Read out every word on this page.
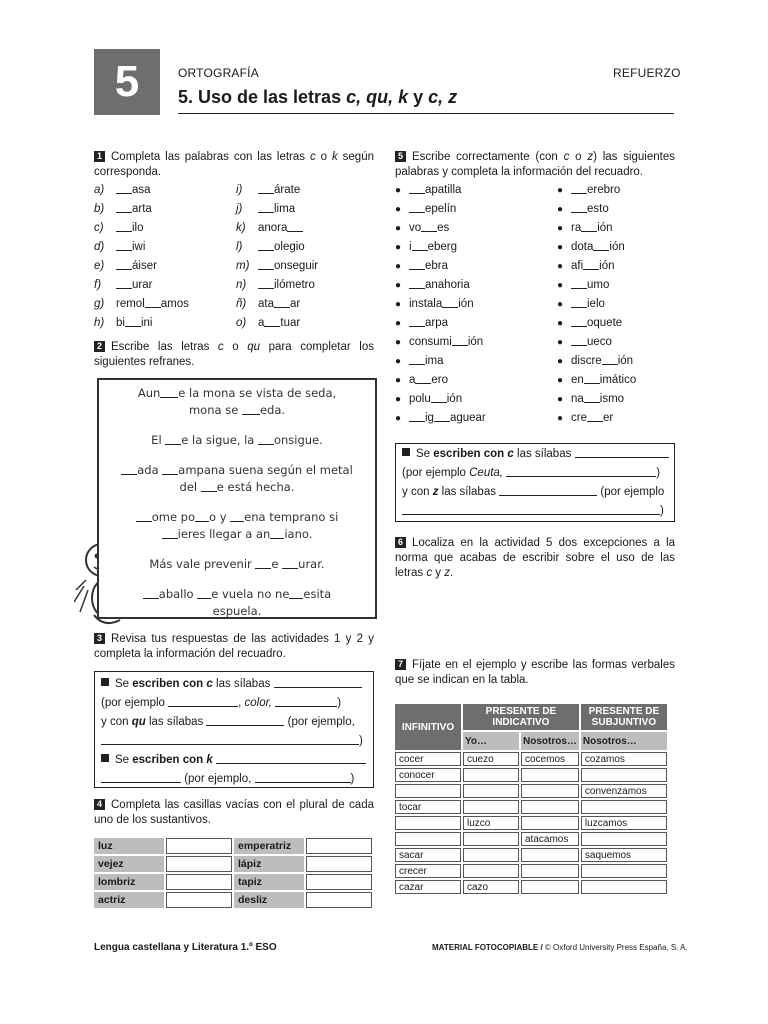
5	ORTOGRAFÍA	REFUERZO
5. Uso de las letras c, qu, k y c, z
1 Completa las palabras con las letras c o k según corresponda.
a) asa
b) arta
c) ilo
d) iwi
e) áiser
f)	urar
g) remol amos
h) bi ini
i)	árate
j)	lima
k) anora
l)	olegio
m) onseguir
n) ilómetro
ñ) ata ar
o) a tuar
2 Escribe las letras c o qu para completar los siguientes refranes.

Aun e la mona se vista de seda,

mona se eda.

El e la sigue, la onsigue.

ada ampana suena según el metal

del e está hecha.

ome po o y ena temprano si

ieres llegar a an iano.

Más vale prevenir e urar.

aballo e vuela no ne esita

espuela.

3 Revisa tus respuestas de las actividades 1 y 2 y completa la información del recuadro.
Se escriben con c las sílabas
(por ejemplo	, color,	)
y con qu las sílabas	(por ejemplo,
)
Se escriben con k
(por ejemplo,	)
4 Completa las casillas vacías con el plural de cada uno de los sustantivos.
luz		emperatriz	
vejez		lápiz	
lombriz		tapiz	
actriz		desliz	
5 Escribe correctamente (con c o z) las siguientes palabras y completa la información del recuadro.
● apatilla
● epelín
● vo es
● i eberg
● ebra
● anahoria
● instala ión
● arpa
● consumi ión
● ima
● a ero
● polu ión
● ig aguear
● erebro
● esto
● ra ión
● dota ión
● afi ión
● umo
● ielo
● oquete
● ueco
● discre ión
● en imático
● na ismo
● cre er
Se escriben con c las sílabas
(por ejemplo Ceuta,	)
y con z las sílabas	(por ejemplo
)
6 Localiza en la actividad 5 dos excepciones a la norma que acabas de escribir sobre el uso de las letras c y z.
7 Fíjate en el ejemplo y escribe las formas verbales que se indican en la tabla.
INFINITIVO	PRESENTE DE INDICATIVO		PRESENTE DE SUBJUNTIVO
	Yo…	Nosotros…	Nosotros…
cocer	cuezo	cocemos	cozamos
conocer			
			convenzamos
tocar			
	luzco		luzcamos
		atacamos	
sacar			saquemos
crecer			
cazar	cazo		
Lengua castellana y Literatura 1.º ESO	MATERIAL FOTOCOPIABLE / © Oxford University Press España, S. A.
